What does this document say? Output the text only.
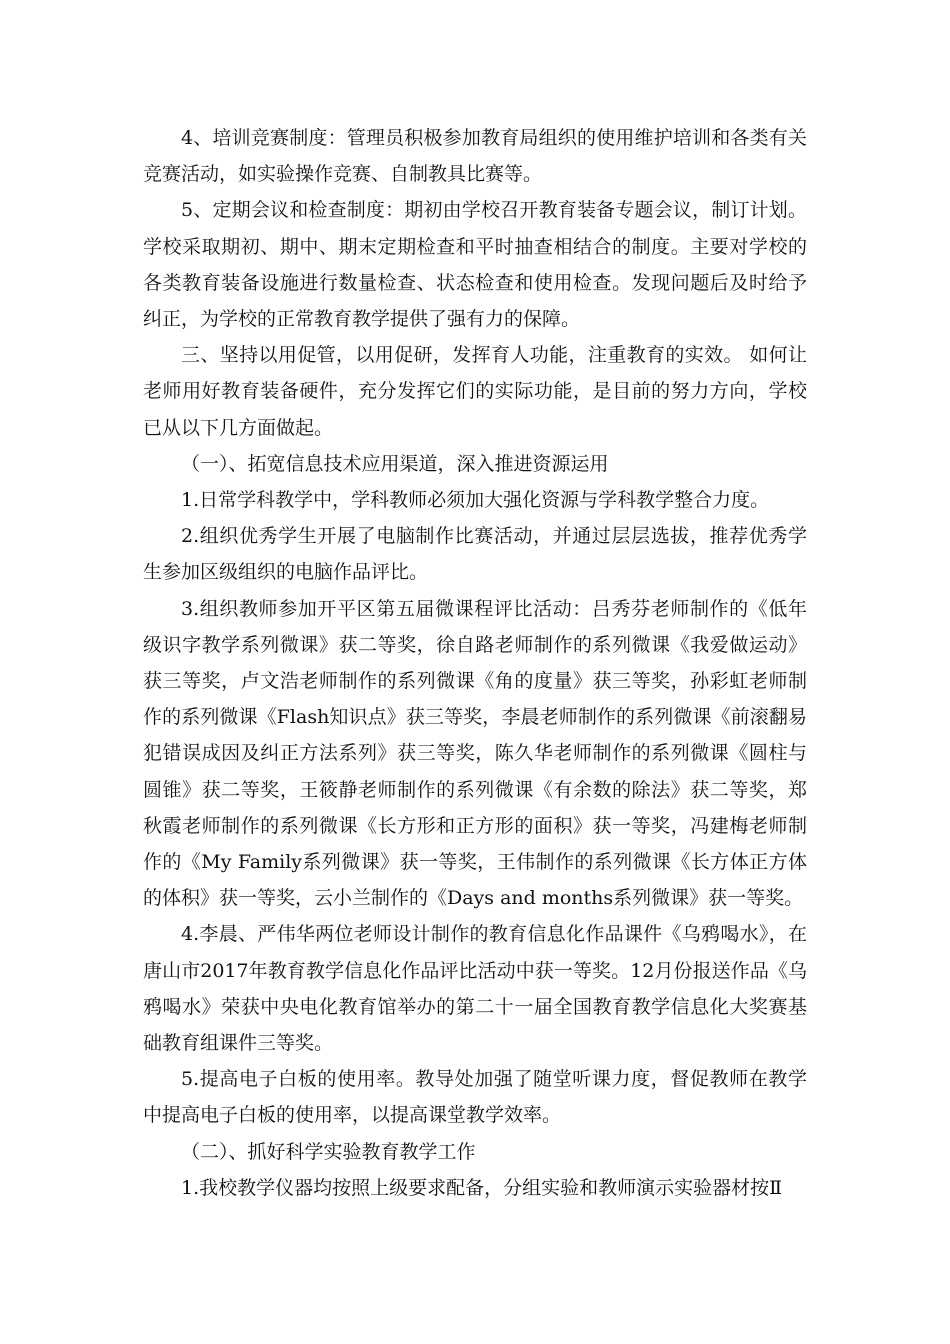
4、培训竞赛制度：管理员积极参加教育局组织的使用维护培训和各类有关竞赛活动，如实验操作竞赛、自制教具比赛等。

5、定期会议和检查制度：期初由学校召开教育装备专题会议，制订计划。学校采取期初、期中、期末定期检查和平时抽查相结合的制度。主要对学校的各类教育装备设施进行数量检查、状态检查和使用检查。发现问题后及时给予纠正，为学校的正常教育教学提供了强有力的保障。

三、坚持以用促管，以用促研，发挥育人功能，注重教育的实效。 如何让老师用好教育装备硬件，充分发挥它们的实际功能，是目前的努力方向，学校已从以下几方面做起。

（一）、拓宽信息技术应用渠道，深入推进资源运用

1.日常学科教学中，学科教师必须加大强化资源与学科教学整合力度。

2.组织优秀学生开展了电脑制作比赛活动，并通过层层选拔，推荐优秀学生参加区级组织的电脑作品评比。

3.组织教师参加开平区第五届微课程评比活动：吕秀芬老师制作的《低年级识字教学系列微课》获二等奖，徐自路老师制作的系列微课《我爱做运动》获三等奖，卢文浩老师制作的系列微课《角的度量》获三等奖，孙彩虹老师制作的系列微课《Flash知识点》获三等奖，李晨老师制作的系列微课《前滚翻易犯错误成因及纠正方法系列》获三等奖，陈久华老师制作的系列微课《圆柱与圆锥》获二等奖，王筱静老师制作的系列微课《有余数的除法》获二等奖，郑秋霞老师制作的系列微课《长方形和正方形的面积》获一等奖，冯建梅老师制作的《My Family系列微课》获一等奖，王伟制作的系列微课《长方体正方体的体积》获一等奖，云小兰制作的《Days and months系列微课》获一等奖。

4.李晨、严伟华两位老师设计制作的教育信息化作品课件《乌鸦喝水》，在唐山市2017年教育教学信息化作品评比活动中获一等奖。12月份报送作品《乌鸦喝水》荣获中央电化教育馆举办的第二十一届全国教育教学信息化大奖赛基础教育组课件三等奖。

5.提高电子白板的使用率。教导处加强了随堂听课力度，督促教师在教学中提高电子白板的使用率，以提高课堂教学效率。

（二）、抓好科学实验教育教学工作

1.我校教学仪器均按照上级要求配备，分组实验和教师演示实验器材按Ⅱ
